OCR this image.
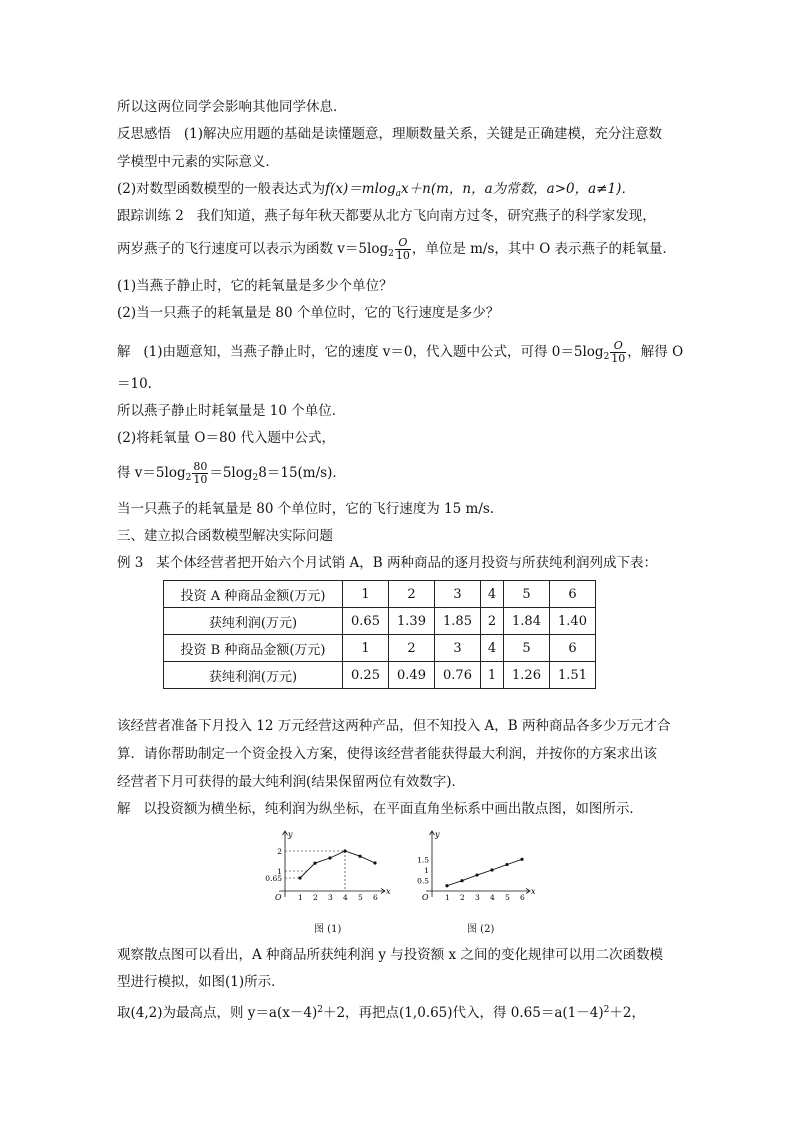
所以这两位同学会影响其他同学休息．
反思感悟 (1)解决应用题的基础是读懂题意，理顺数量关系，关键是正确建模，充分注意数
学模型中元素的实际意义．
(2)对数型函数模型的一般表达式为f(x)＝mlog$_a$x＋n(m，n，a为常数，a>0，a≠1)．
跟踪训练 2 我们知道，燕子每年秋天都要从北方飞向南方过冬，研究燕子的科学家发现，
两岁燕子的飞行速度可以表示为函数 $v=5\log_2 \frac{O}{10}$ ，单位是 m/s，其中 O 表示燕子的耗氧量．
(1)当燕子静止时，它的耗氧量是多少个单位？
(2)当一只燕子的耗氧量是 80 个单位时，它的飞行速度是多少？
解 (1)由题意知，当燕子静止时，它的速度 v＝0，代入题中公式，可得 $0=5\log_2 \frac{O}{10}$ ，解得 O
＝10.
所以燕子静止时耗氧量是 10 个单位．
(2)将耗氧量 O＝80 代入题中公式，
得 $v=5\log_2 \frac{80}{10} =5\log_28=15(m/s)$．
当一只燕子的耗氧量是 80 个单位时，它的飞行速度为 15 m/s.
三、建立拟合函数模型解决实际问题
例 3 某个体经营者把开始六个月试销 A，B 两种商品的逐月投资与所获纯利润列成下表：
投资 A 种商品金额(万元)	1	2	3	4	5	6
获纯利润(万元)	0.65	1.39	1.85	2	1.84	1.40
投资 B 种商品金额(万元)	1	2	3	4	5	6
获纯利润(万元)	0.25	0.49	0.76	1	1.26	1.51
该经营者准备下月投入 12 万元经营这两种产品，但不知投入 A，B 两种商品各多少万元才合
算．请你帮助制定一个资金投入方案，使得该经营者能获得最大利润，并按你的方案求出该
经营者下月可获得的最大纯利润(结果保留两位有效数字)．
解 以投资额为横坐标，纯利润为纵坐标，在平面直角坐标系中画出散点图，如图所示．
x
y
O 1 2 3 4 5 6
0.65
1
2
图 (1)
x
y
O 1 2 3 4 5 6
0.5
1
1.5
图 (2)
观察散点图可以看出，A 种商品所获纯利润 y 与投资额 x 之间的变化规律可以用二次函数模
型进行模拟，如图(1)所示．
取(4,2)为最高点，则 $y=a(x-4)^2+2$，再把点(1,0.65)代入，得 $0.65=a(1-4)^2+2$，
